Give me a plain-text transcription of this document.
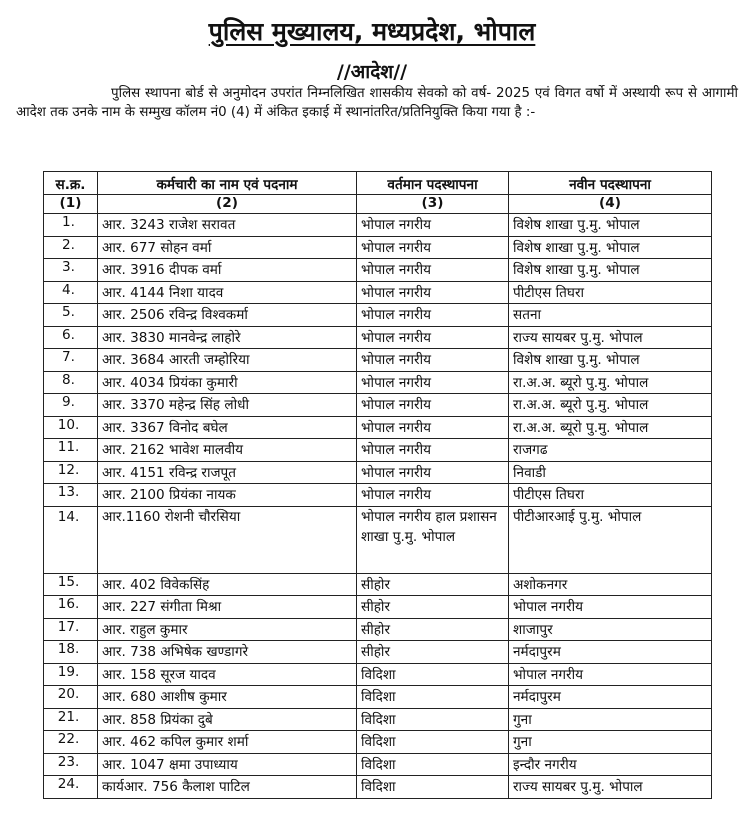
पुलिस मुख्यालय, मध्यप्रदेश, भोपाल
//आदेश//
पुलिस स्थापना बोर्ड से अनुमोदन उपरांत निम्नलिखित शासकीय सेवको को वर्ष- 2025 एवं विगत वर्षो में अस्थायी रूप से आगामी आदेश तक उनके नाम के सम्मुख कॉलम नं0 (4) में अंकित इकाई में स्थानांतरित/प्रतिनियुक्ति किया गया है :-
स.क्र.	कर्मचारी का नाम एवं पदनाम	वर्तमान पदस्थापना	नवीन पदस्थापना
(1)	(2)	(3)	(4)
1.	आर. 3243 राजेश सरावत	भोपाल नगरीय	विशेष शाखा पु.मु. भोपाल
2.	आर. 677 सोहन वर्मा	भोपाल नगरीय	विशेष शाखा पु.मु. भोपाल
3.	आर. 3916 दीपक वर्मा	भोपाल नगरीय	विशेष शाखा पु.मु. भोपाल
4.	आर. 4144 निशा यादव	भोपाल नगरीय	पीटीएस तिघरा
5.	आर. 2506 रविन्द्र विश्वकर्मा	भोपाल नगरीय	सतना
6.	आर. 3830 मानवेन्द्र लाहोरे	भोपाल नगरीय	राज्य सायबर पु.मु. भोपाल
7.	आर. 3684 आरती जम्होरिया	भोपाल नगरीय	विशेष शाखा पु.मु. भोपाल
8.	आर. 4034 प्रियंका कुमारी	भोपाल नगरीय	रा.अ.अ. ब्यूरो पु.मु. भोपाल
9.	आर. 3370 महेन्द्र सिंह लोधी	भोपाल नगरीय	रा.अ.अ. ब्यूरो पु.मु. भोपाल
10.	आर. 3367 विनोद बघेल	भोपाल नगरीय	रा.अ.अ. ब्यूरो पु.मु. भोपाल
11.	आर. 2162 भावेश मालवीय	भोपाल नगरीय	राजगढ
12.	आर. 4151 रविन्द्र राजपूत	भोपाल नगरीय	निवाडी
13.	आर. 2100 प्रियंका नायक	भोपाल नगरीय	पीटीएस तिघरा
14.	आर.1160 रोशनी चौरसिया	भोपाल नगरीय हाल प्रशासन शाखा पु.मु. भोपाल	पीटीआरआई पु.मु. भोपाल
15.	आर. 402 विवेकसिंह	सीहोर	अशोकनगर
16.	आर. 227 संगीता मिश्रा	सीहोर	भोपाल नगरीय
17.	आर. राहुल कुमार	सीहोर	शाजापुर
18.	आर. 738 अभिषेक खण्डागरे	सीहोर	नर्मदापुरम
19.	आर. 158 सूरज यादव	विदिशा	भोपाल नगरीय
20.	आर. 680 आशीष कुमार	विदिशा	नर्मदापुरम
21.	आर. 858 प्रियंका दुबे	विदिशा	गुना
22.	आर. 462 कपिल कुमार शर्मा	विदिशा	गुना
23.	आर. 1047 क्षमा उपाध्याय	विदिशा	इन्दौर नगरीय
24.	कार्यआर. 756 कैलाश पाटिल	विदिशा	राज्य सायबर पु.मु. भोपाल
